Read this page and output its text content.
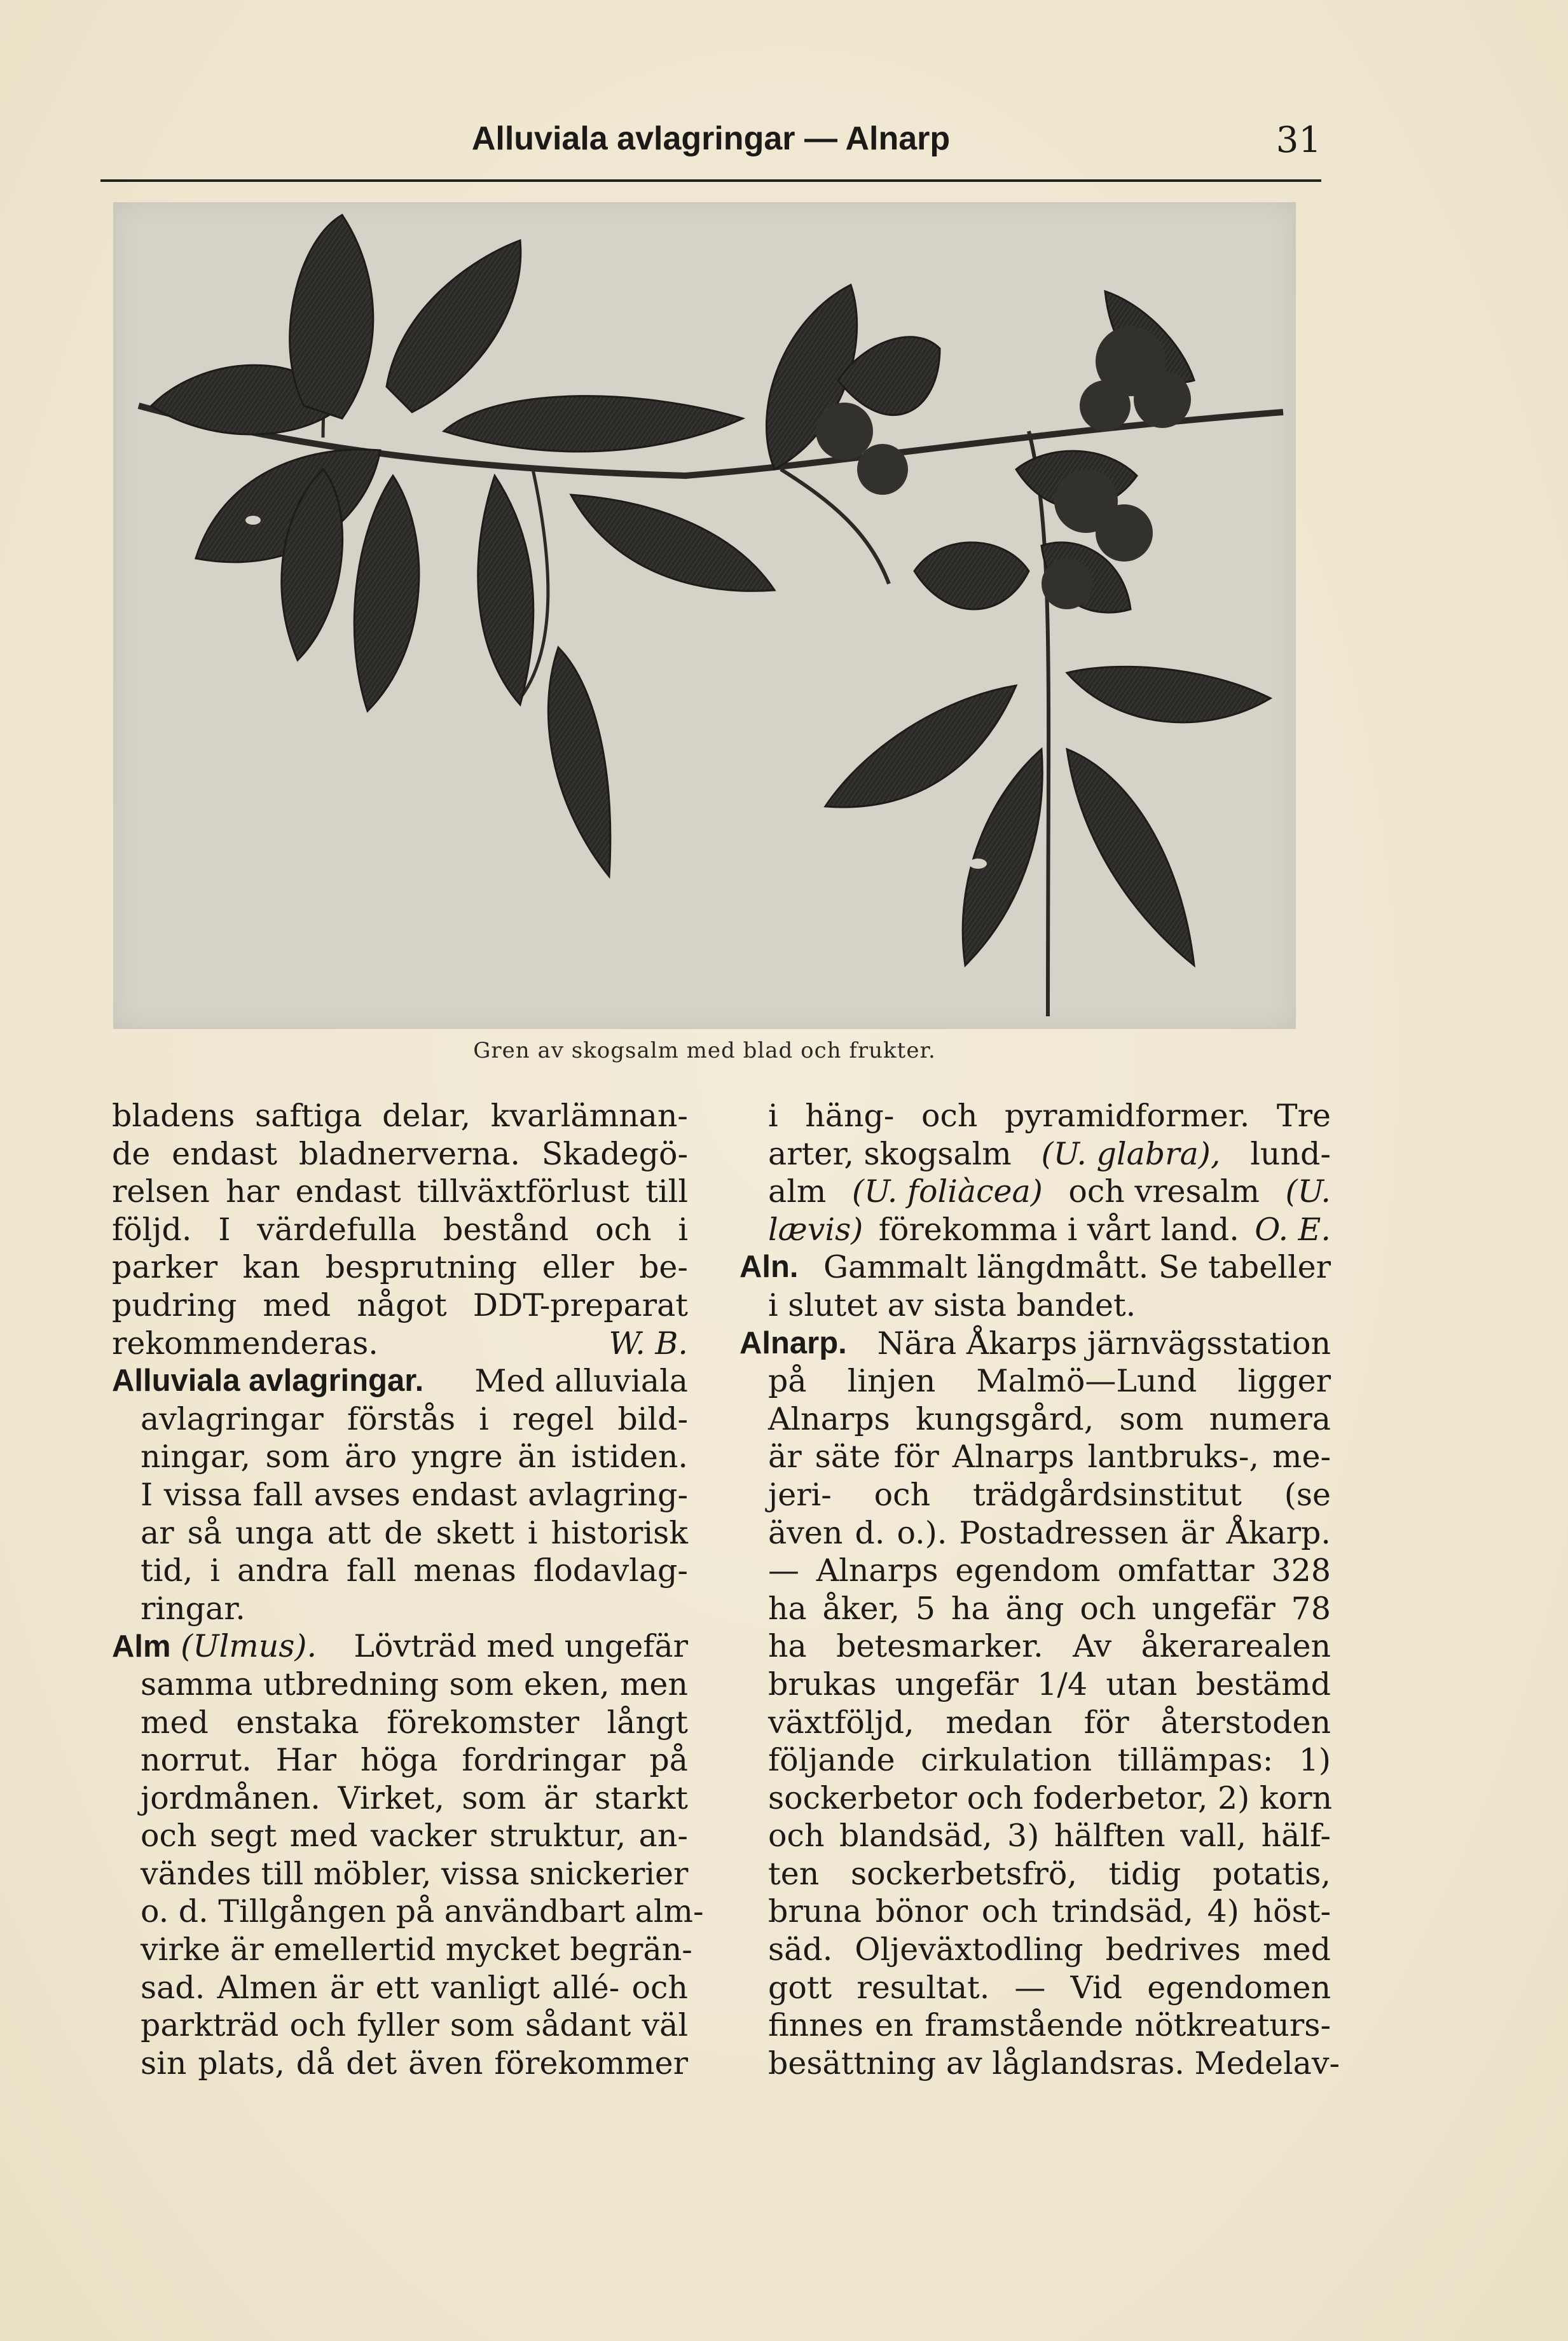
Alluviala avlagringar — Alnarp	31
Gren av skogsalm med blad och frukter.
bladens saftiga delar, kvarlämnan-
de endast bladnerverna. Skadegö-
relsen har endast tillväxtförlust till
följd. I värdefulla bestånd och i
parker kan besprutning eller be-
pudring med något DDT-preparat
rekommenderas.	W. B.
Alluviala avlagringar. Med alluviala
avlagringar förstås i regel bild-
ningar, som äro yngre än istiden.
I vissa fall avses endast avlagring-
ar så unga att de skett i historisk
tid, i andra fall menas flodavlag-
ringar.
Alm (Ulmus). Lövträd med ungefär
samma utbredning som eken, men
med enstaka förekomster långt
norrut. Har höga fordringar på
jordmånen. Virket, som är starkt
och segt med vacker struktur, an-
vändes till möbler, vissa snickerier
o. d. Tillgången på användbart alm-
virke är emellertid mycket begrän-
sad. Almen är ett vanligt allé- och
parkträd och fyller som sådant väl
sin plats, då det även förekommer
i häng- och pyramidformer. Tre
arter, skogsalm (U. glabra), lund-
alm (U. foliàcea) och vresalm (U.
lævis) förekomma i vårt land. O. E.
Aln. Gammalt längdmått. Se tabeller
i slutet av sista bandet.
Alnarp. Nära Åkarps järnvägsstation
på linjen Malmö—Lund ligger
Alnarps kungsgård, som numera
är säte för Alnarps lantbruks-, me-
jeri- och trädgårdsinstitut (se
även d. o.). Postadressen är Åkarp.
— Alnarps egendom omfattar 328
ha åker, 5 ha äng och ungefär 78
ha betesmarker. Av åkerarealen
brukas ungefär 1/4 utan bestämd
växtföljd, medan för återstoden
följande cirkulation tillämpas: 1)
sockerbetor och foderbetor, 2) korn
och blandsäd, 3) hälften vall, hälf-
ten sockerbetsfrö, tidig potatis,
bruna bönor och trindsäd, 4) höst-
säd. Oljeväxtodling bedrives med
gott resultat. — Vid egendomen
finnes en framstående nötkreaturs-
besättning av låglandsras. Medelav-
